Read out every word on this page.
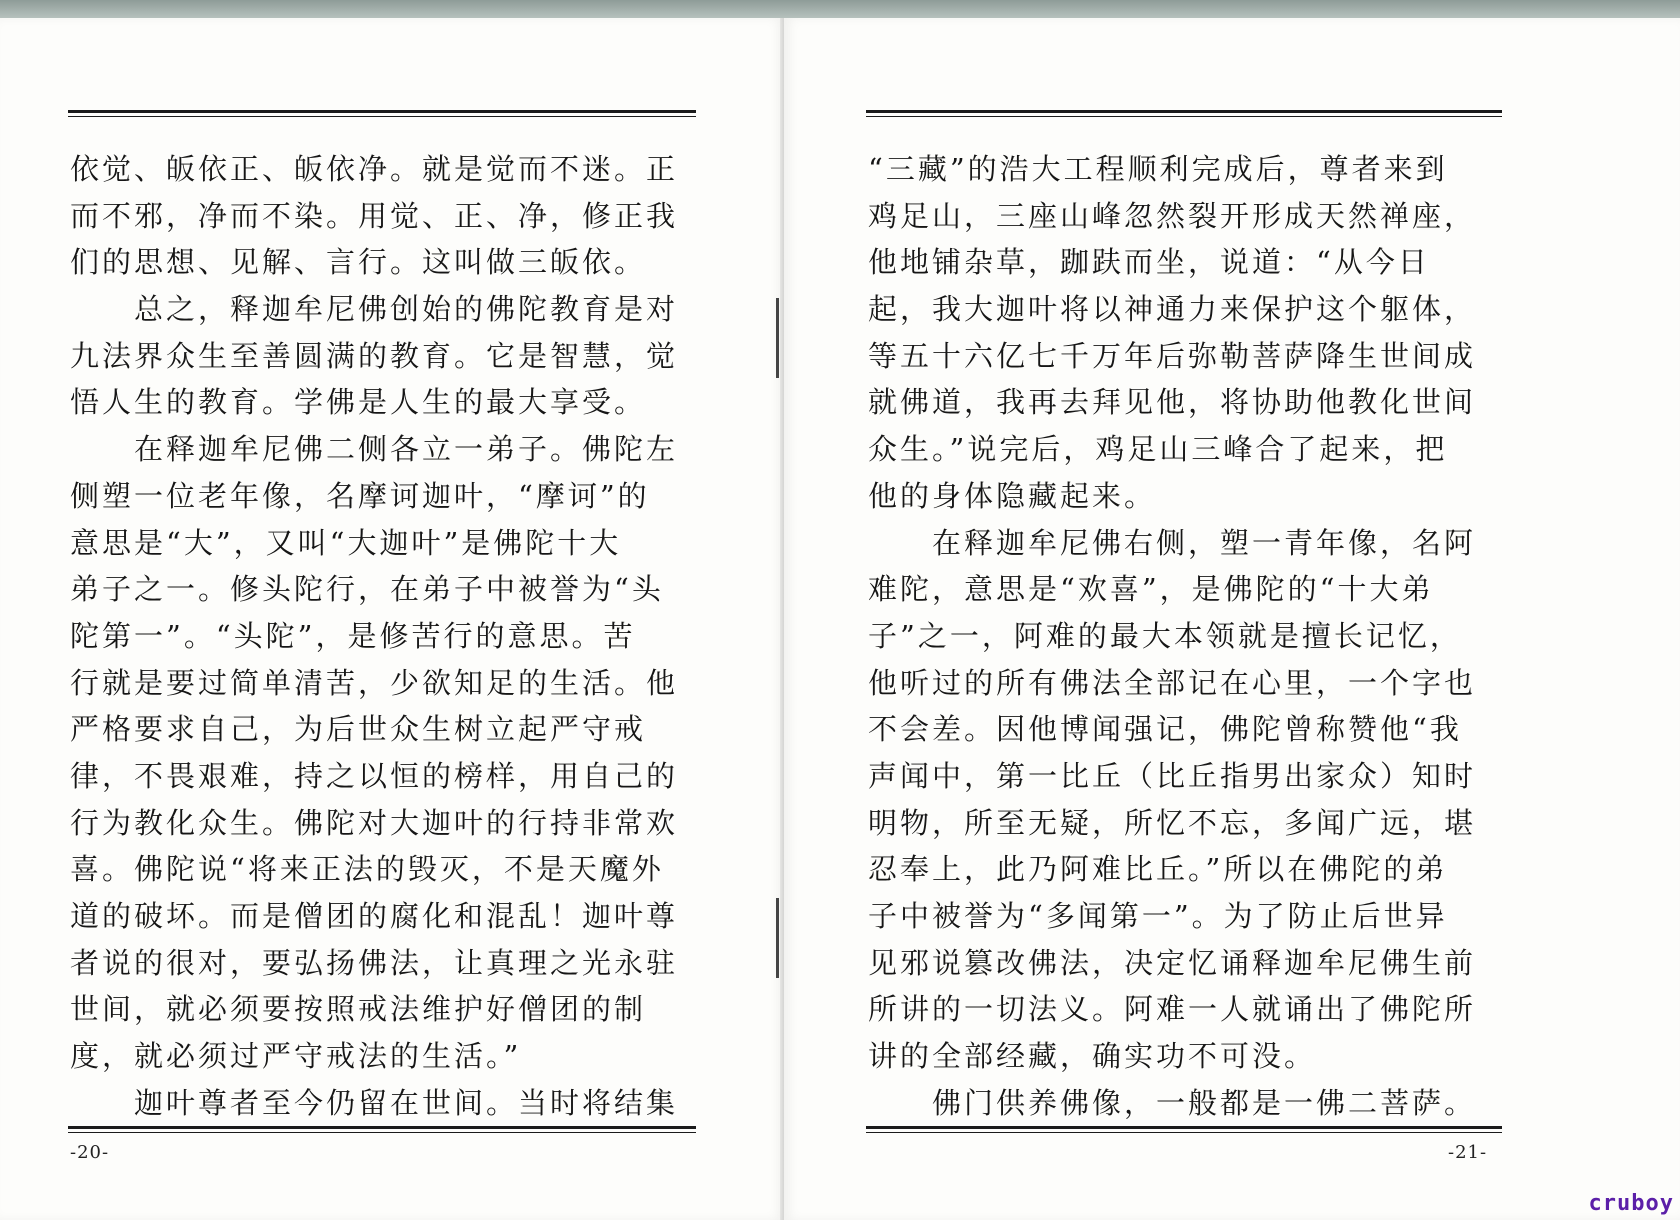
依觉、皈依正、皈依净。就是觉而不迷。正
而不邪，净而不染。用觉、正、净，修正我
们的思想、见解、言行。这叫做三皈依。
　　总之，释迦牟尼佛创始的佛陀教育是对
九法界众生至善圆满的教育。它是智慧，觉
悟人生的教育。学佛是人生的最大享受。
　　在释迦牟尼佛二侧各立一弟子。佛陀左
侧塑一位老年像，名摩诃迦叶，“摩诃”的
意思是“大”，又叫“大迦叶”是佛陀十大
弟子之一。修头陀行，在弟子中被誉为“头
陀第一”。“头陀”，是修苦行的意思。苦
行就是要过简单清苦，少欲知足的生活。他
严格要求自己，为后世众生树立起严守戒
律，不畏艰难，持之以恒的榜样，用自己的
行为教化众生。佛陀对大迦叶的行持非常欢
喜。佛陀说“将来正法的毁灭，不是天魔外
道的破坏。而是僧团的腐化和混乱！迦叶尊
者说的很对，要弘扬佛法，让真理之光永驻
世间，就必须要按照戒法维护好僧团的制
度，就必须过严守戒法的生活。”
　　迦叶尊者至今仍留在世间。当时将结集
-20-
“三藏”的浩大工程顺利完成后，尊者来到
鸡足山，三座山峰忽然裂开形成天然禅座，
他地铺杂草，跏趺而坐，说道：“从今日
起，我大迦叶将以神通力来保护这个躯体，
等五十六亿七千万年后弥勒菩萨降生世间成
就佛道，我再去拜见他，将协助他教化世间
众生。”说完后，鸡足山三峰合了起来，把
他的身体隐藏起来。
　　在释迦牟尼佛右侧，塑一青年像，名阿
难陀，意思是“欢喜”，是佛陀的“十大弟
子”之一，阿难的最大本领就是擅长记忆，
他听过的所有佛法全部记在心里，一个字也
不会差。因他博闻强记，佛陀曾称赞他“我
声闻中，第一比丘（比丘指男出家众）知时
明物，所至无疑，所忆不忘，多闻广远，堪
忍奉上，此乃阿难比丘。”所以在佛陀的弟
子中被誉为“多闻第一”。为了防止后世异
见邪说篡改佛法，决定忆诵释迦牟尼佛生前
所讲的一切法义。阿难一人就诵出了佛陀所
讲的全部经藏，确实功不可没。
　　佛门供养佛像，一般都是一佛二菩萨。
-21-
cruboy
